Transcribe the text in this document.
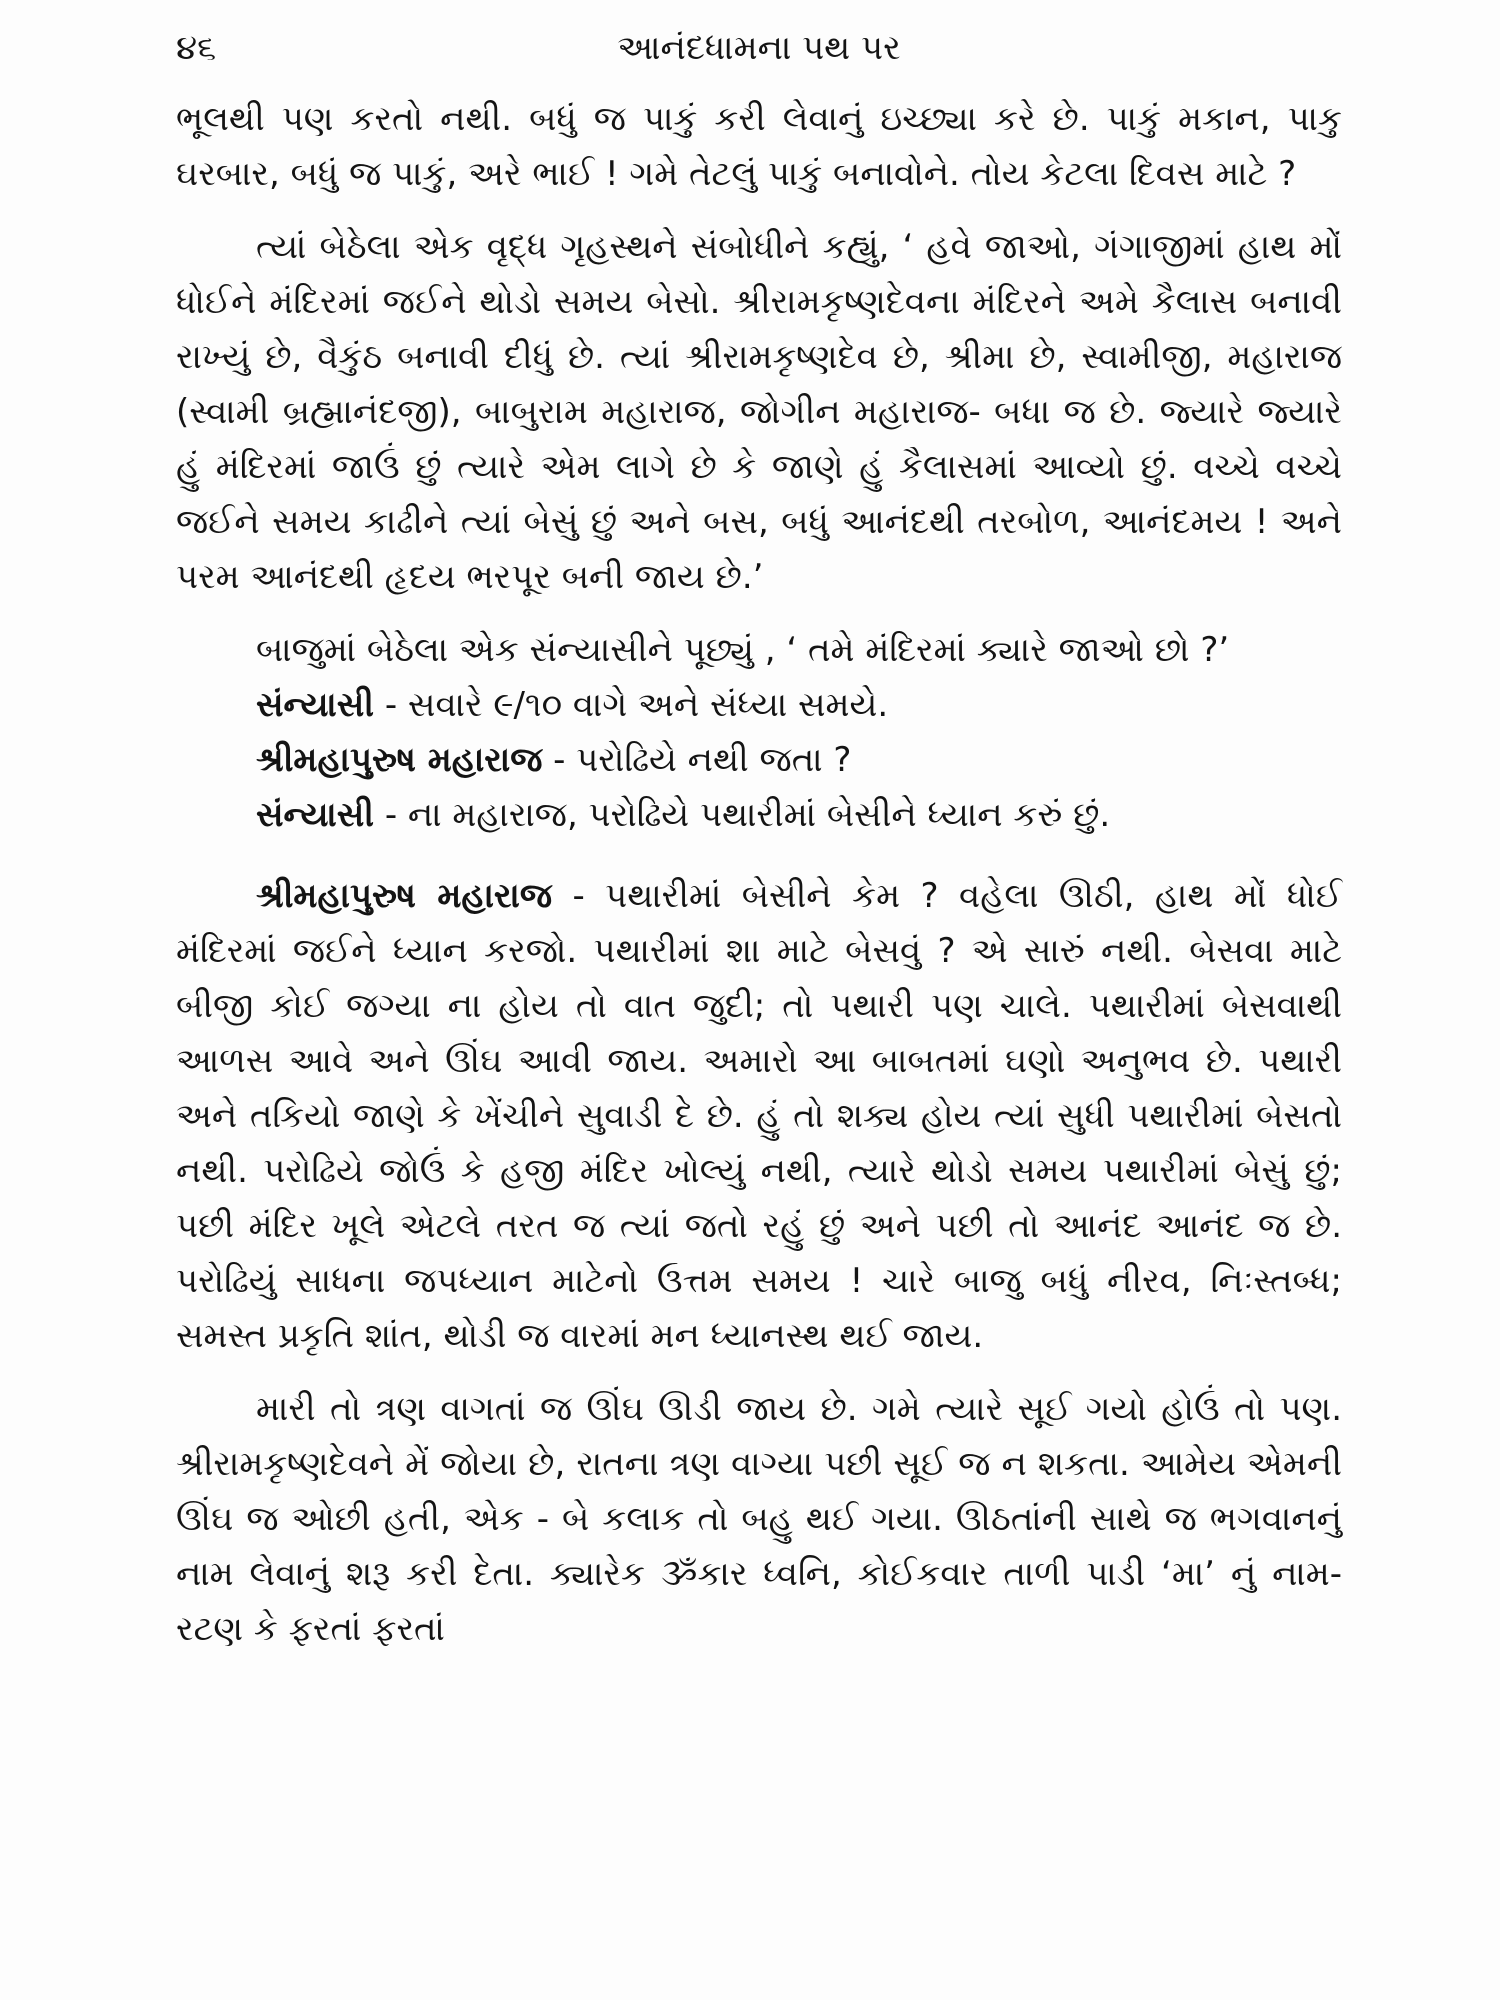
૪૬	આનંદધામના પથ પર

ભૂલથી પણ કરતો નથી. બધું જ પાકું કરી લેવાનું ઇચ્છ્યા કરે છે. પાકું મકાન, પાકુ ઘરબાર, બધું જ પાકું, અરે ભાઈ ! ગમે તેટલું પાકું બનાવોને. તોય કેટલા દિવસ માટે ?

ત્યાં બેઠેલા એક વૃદ્ધ ગૃહસ્થને સંબોધીને કહ્યું, ‘ હવે જાઓ, ગંગાજીમાં હાથ મોં ધોઈને મંદિરમાં જઈને થોડો સમય બેસો. શ્રીરામકૃષ્ણદેવના મંદિરને અમે કૈલાસ બનાવી રાખ્યું છે, વૈકુંઠ બનાવી દીધું છે. ત્યાં શ્રીરામકૃષ્ણદેવ છે, શ્રીમા છે, સ્વામીજી, મહારાજ (સ્વામી બ્રહ્માનંદજી), બાબુરામ મહારાજ, જોગીન મહારાજ- બધા જ છે. જ્યારે જ્યારે હું મંદિરમાં જાઉં છું ત્યારે એમ લાગે છે કે જાણે હું કૈલાસમાં આવ્યો છું. વચ્ચે વચ્ચે જઈને સમય કાઢીને ત્યાં બેસું છું અને બસ, બધું આનંદથી તરબોળ, આનંદમય ! અને પરમ આનંદથી હૃદય ભરપૂર બની જાય છે.’

બાજુમાં બેઠેલા એક સંન્યાસીને પૂછ્યું , ‘ તમે મંદિરમાં ક્યારે જાઓ છો ?’

સંન્યાસી - સવારે ૯/૧૦ વાગે અને સંધ્યા સમયે.

શ્રીમહાપુરુષ મહારાજ - પરોઢિયે નથી જતા ?

સંન્યાસી - ના મહારાજ, પરોઢિયે પથારીમાં બેસીને ધ્યાન કરું છું.

શ્રીમહાપુરુષ મહારાજ - પથારીમાં બેસીને કેમ ? વહેલા ઊઠી, હાથ મોં ધોઈ મંદિરમાં જઈને ધ્યાન કરજો. પથારીમાં શા માટે બેસવું ? એ સારું નથી. બેસવા માટે બીજી કોઈ જગ્યા ના હોય તો વાત જુદી; તો પથારી પણ ચાલે. પથારીમાં બેસવાથી આળસ આવે અને ઊંઘ આવી જાય. અમારો આ બાબતમાં ઘણો અનુભવ છે. પથારી અને તકિયો જાણે કે ખેંચીને સુવાડી દે છે. હું તો શક્ય હોય ત્યાં સુધી પથારીમાં બેસતો નથી. પરોઢિયે જોઉં કે હજી મંદિર ખોલ્યું નથી, ત્યારે થોડો સમય પથારીમાં બેસું છું; પછી મંદિર ખૂલે એટલે તરત જ ત્યાં જતો રહું છું અને પછી તો આનંદ આનંદ જ છે. પરોઢિયું સાધના જપધ્યાન માટેનો ઉત્તમ સમય ! ચારે બાજુ બધું નીરવ, નિઃસ્તબ્ધ; સમસ્ત પ્રકૃતિ શાંત, થોડી જ વારમાં મન ધ્યાનસ્થ થઈ જાય.

મારી તો ત્રણ વાગતાં જ ઊંઘ ઊડી જાય છે. ગમે ત્યારે સૂઈ ગયો હોઉં તો પણ. શ્રીરામકૃષ્ણદેવને મેં જોયા છે, રાતના ત્રણ વાગ્યા પછી સૂઈ જ ન શકતા. આમેય એમની ઊંઘ જ ઓછી હતી, એક - બે કલાક તો બહુ થઈ ગયા. ઊઠતાંની સાથે જ ભગવાનનું નામ લેવાનું શરૂ કરી દેતા. ક્યારેક ૐકાર ધ્વનિ, કોઈકવાર તાળી પાડી ‘મા’ નું નામ- રટણ કે ફરતાં ફરતાં
